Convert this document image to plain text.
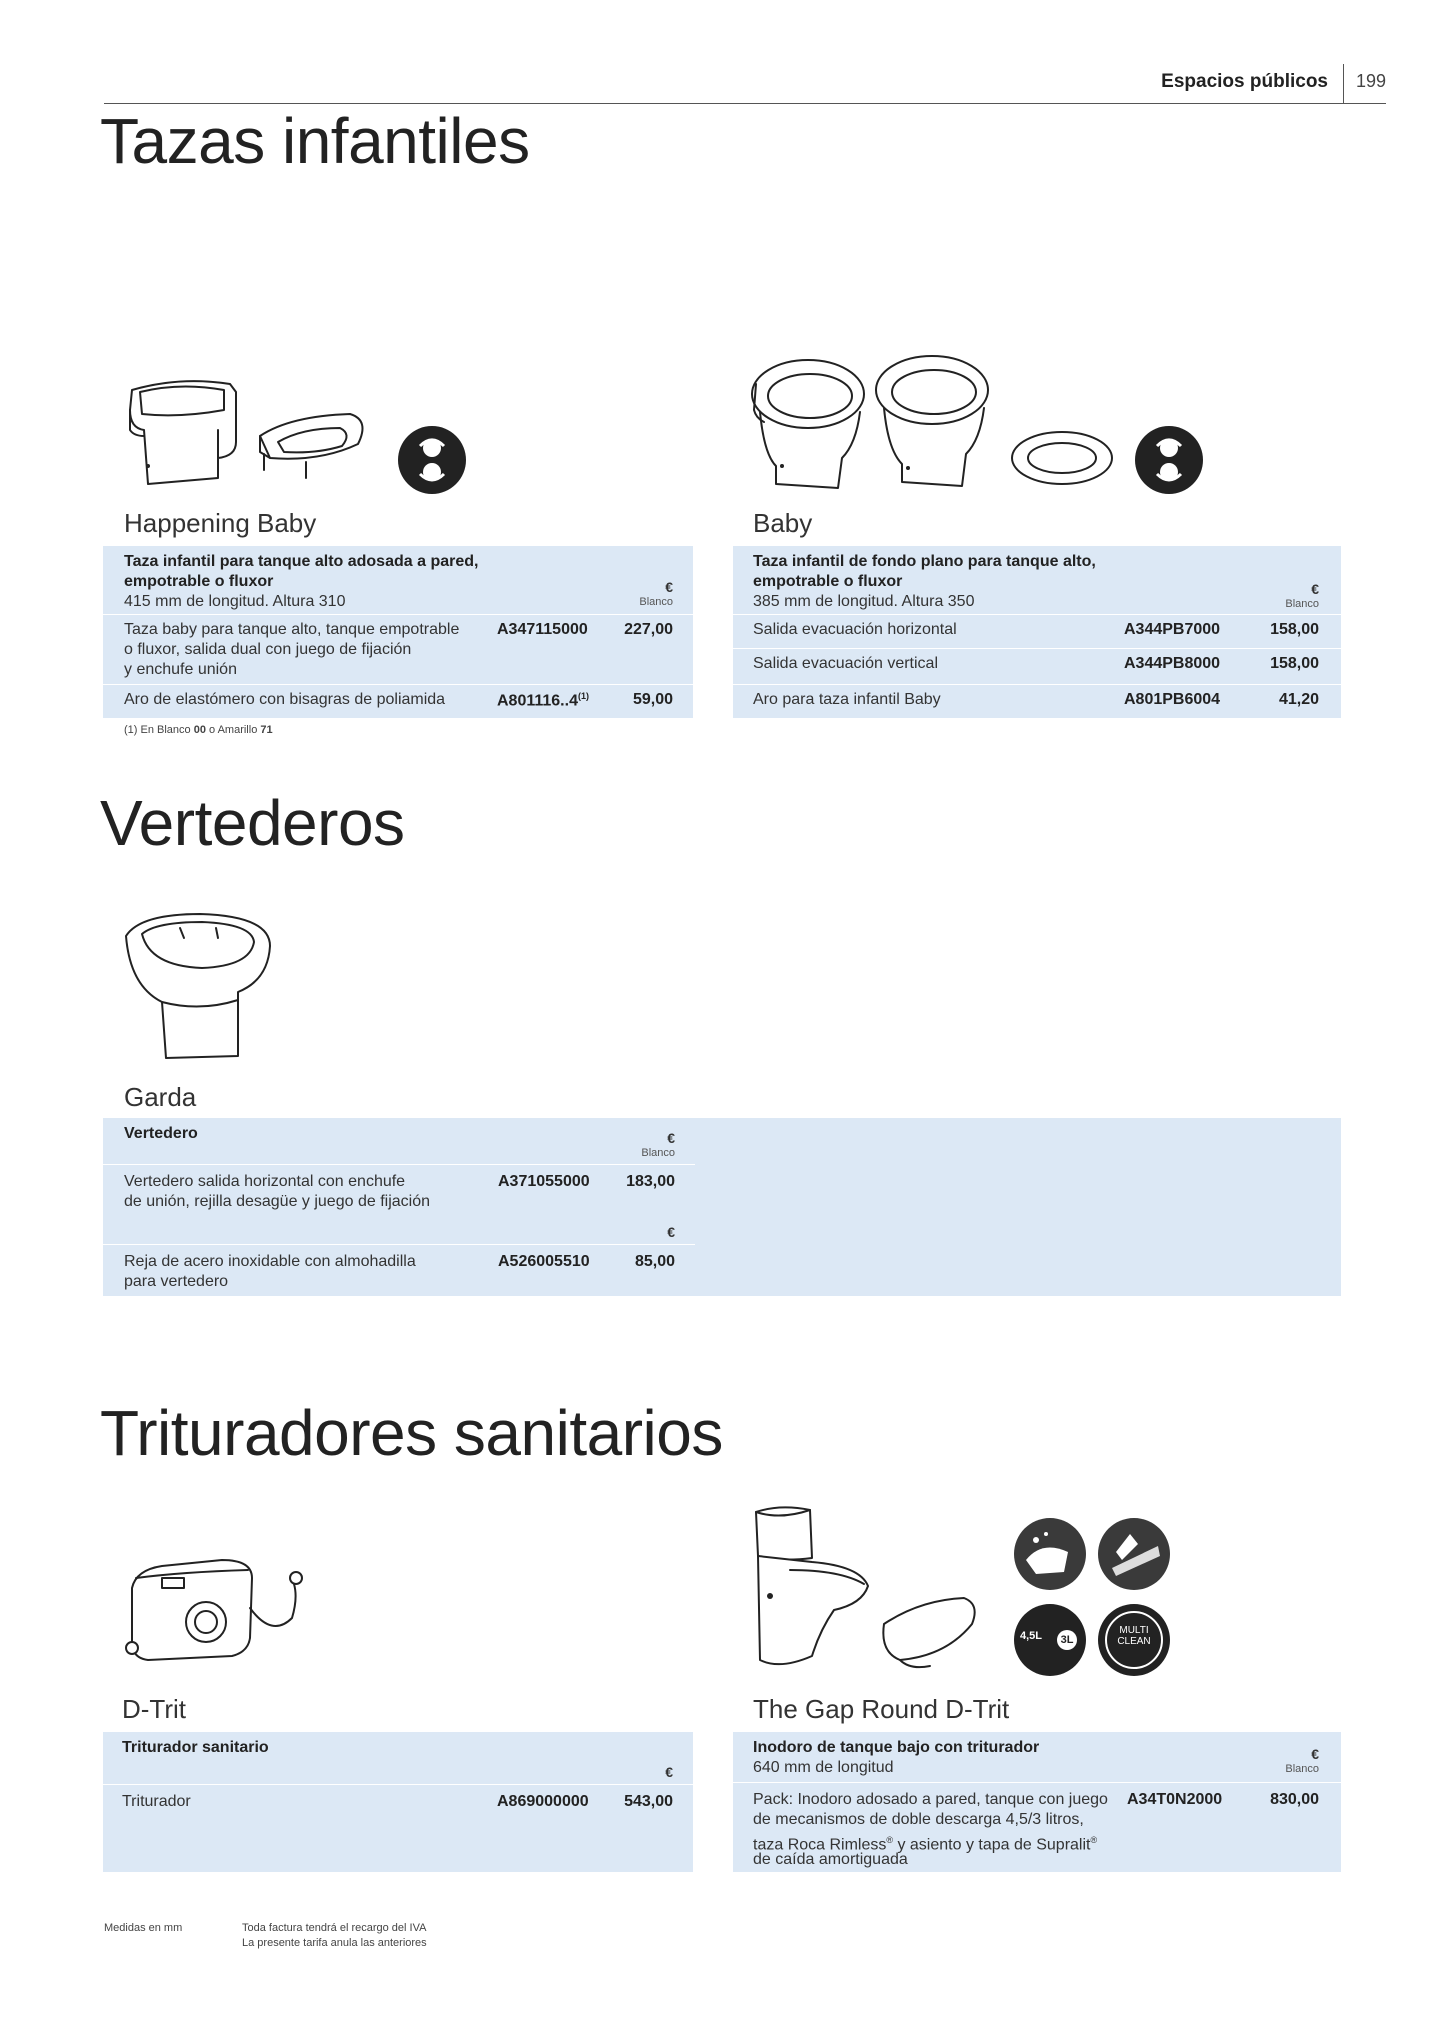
Espacios públicos 199
Tazas infantiles
Happening Baby
Taza infantil para tanque alto adosada a pared,
empotrable o fluxor
415 mm de longitud. Altura 310
€
Blanco
Taza baby para tanque alto, tanque empotrable
o fluxor, salida dual con juego de fijación
y enchufe unión
A347115000	227,00
Aro de elastómero con bisagras de poliamida	A801116..4$^{(1)}$	59,00
(1) En Blanco 00 o Amarillo 71
Baby
Taza infantil de fondo plano para tanque alto,
empotrable o fluxor
385 mm de longitud. Altura 350
€
Blanco
Salida evacuación horizontal	A344PB7000	158,00
Salida evacuación vertical	A344PB8000	158,00
Aro para taza infantil Baby	A801PB6004	41,20
Vertederos
Garda
Vertedero	€
Blanco
Vertedero salida horizontal con enchufe
de unión, rejilla desagüe y juego de fijación
A371055000	183,00
€
Reja de acero inoxidable con almohadilla
para vertedero
A526005510	85,00
Trituradores sanitarios
D-Trit
Triturador sanitario
€
Triturador	A869000000	543,00
4,5L	3L
MULTI
CLEAN
The Gap Round D-Trit
Inodoro de tanque bajo con triturador
640 mm de longitud
€
Blanco
Pack: Inodoro adosado a pared, tanque con juego
de mecanismos de doble descarga 4,5/3 litros,
taza Roca Rimless® y asiento y tapa de Supralit®
de caída amortiguada
A34T0N2000	830,00
Medidas en mm	Toda factura tendrá el recargo del IVA
La presente tarifa anula las anteriores
